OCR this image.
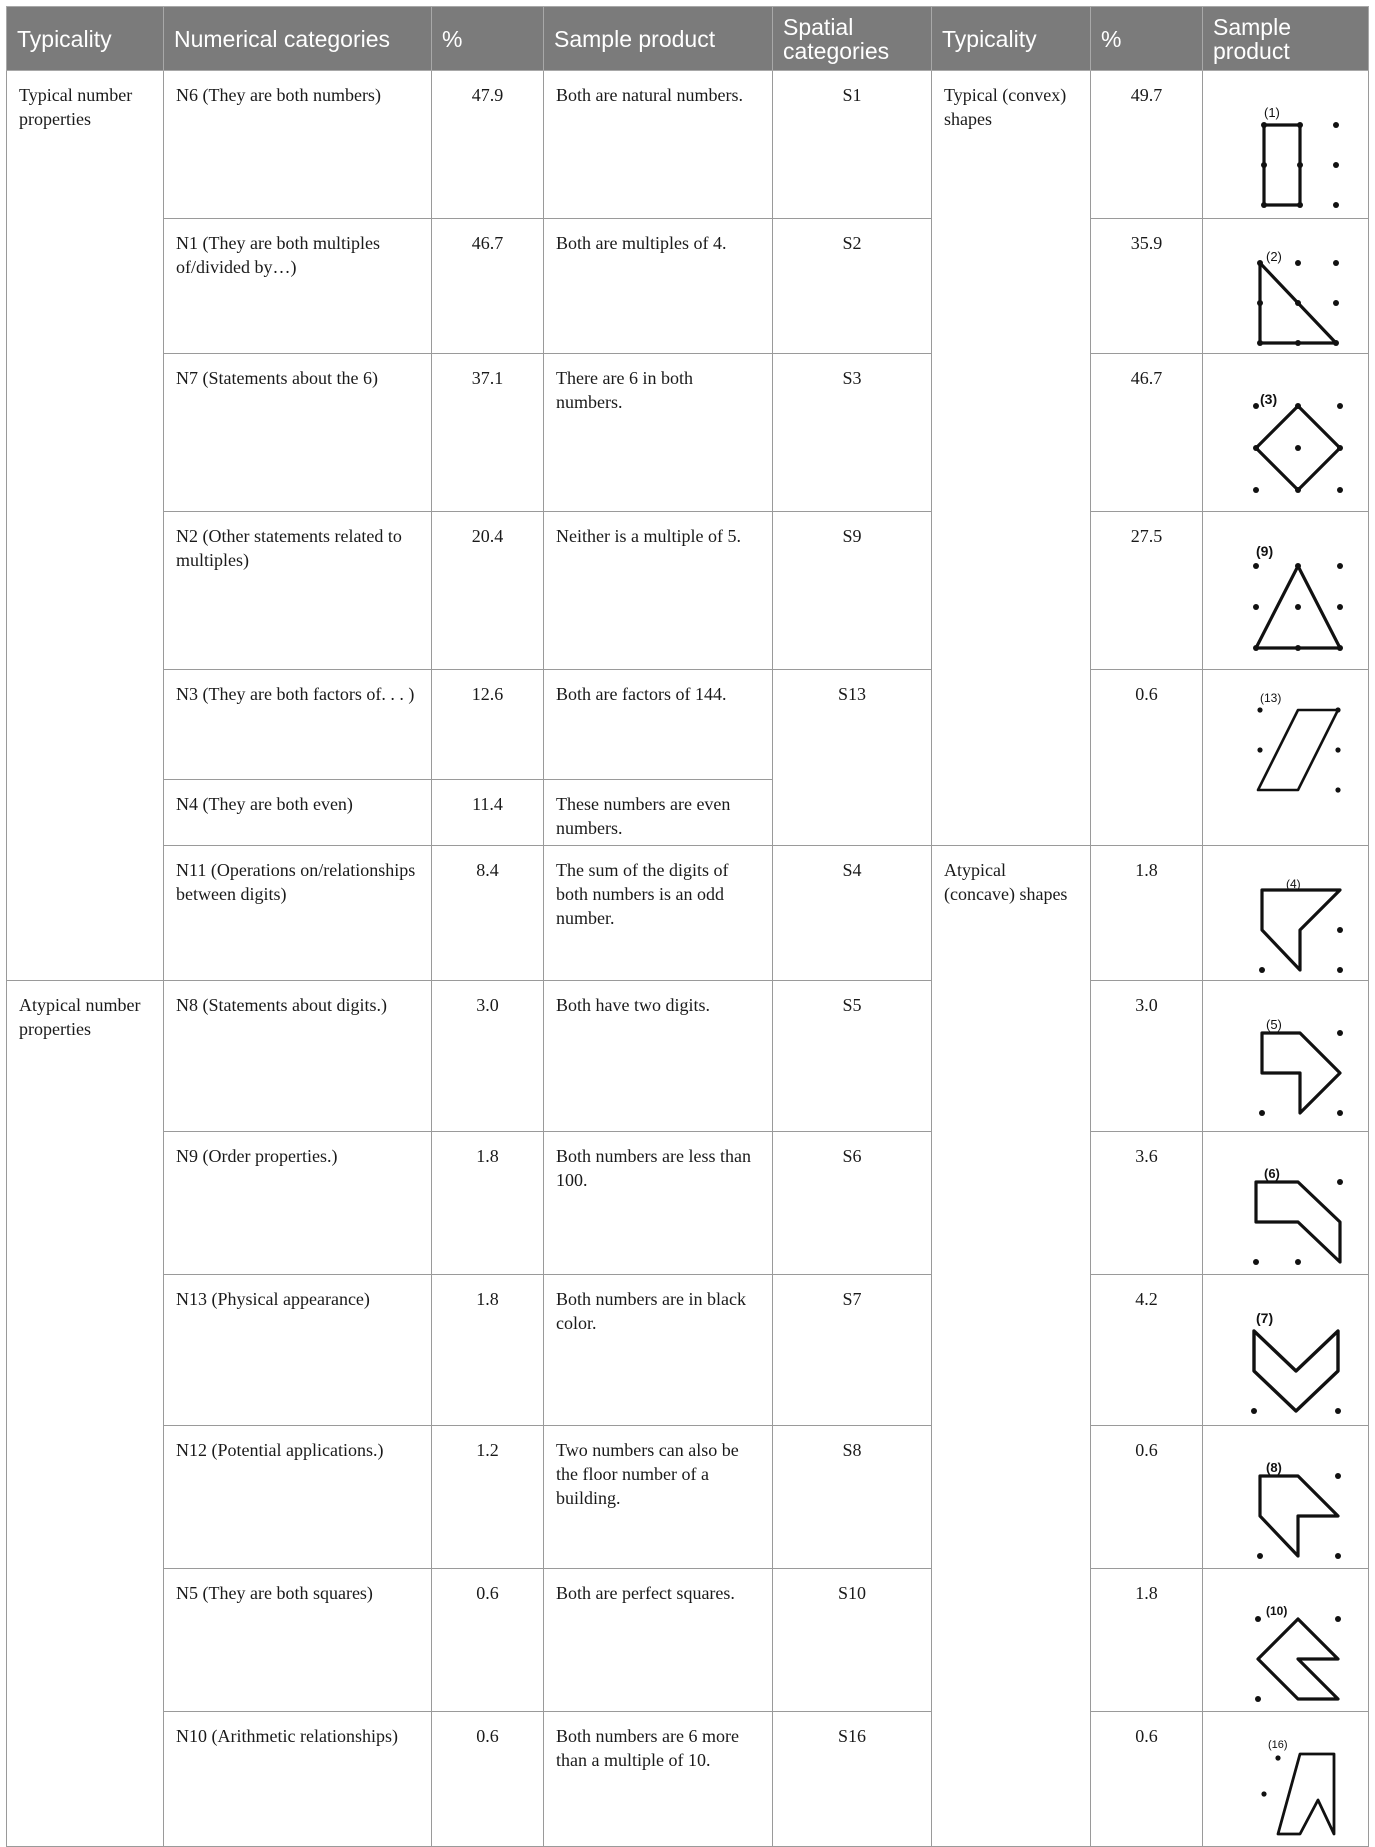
Typicality	Numerical categories	%	Sample product	Spatial categories	Typicality	%	Sample product
Typical number properties	N6 (They are both numbers)	47.9	Both are natural numbers.	S1	Typical (convex) shapes	49.7	(1)

	N1 (They are both multiples of/divided by…)	46.7	Both are multiples of 4.	S2		35.9	(2)

	N7 (Statements about the 6)	37.1	There are 6 in both numbers.	S3		46.7	(3)

	N2 (Other statements related to multiples)	20.4	Neither is a multiple of 5.	S9		27.5	(9)

	N3 (They are both factors of. . . )	12.6	Both are factors of 144.	S13		0.6	(13)

	N4 (They are both even)	11.4	These numbers are even numbers.				
	N11 (Operations on/relationships between digits)	8.4	The sum of the digits of both numbers is an odd number.	S4	Atypical (concave) shapes	1.8	(4)

Atypical number properties	N8 (Statements about digits.)	3.0	Both have two digits.	S5		3.0	(5)

	N9 (Order properties.)	1.8	Both numbers are less than 100.	S6		3.6	(6)

	N13 (Physical appearance)	1.8	Both numbers are in black color.	S7		4.2	(7)

	N12 (Potential applications.)	1.2	Two numbers can also be the floor number of a building.	S8		0.6	(8)

	N5 (They are both squares)	0.6	Both are perfect squares.	S10		1.8	(10)

	N10 (Arithmetic relationships)	0.6	Both numbers are 6 more than a multiple of 10.	S16		0.6	(16)
